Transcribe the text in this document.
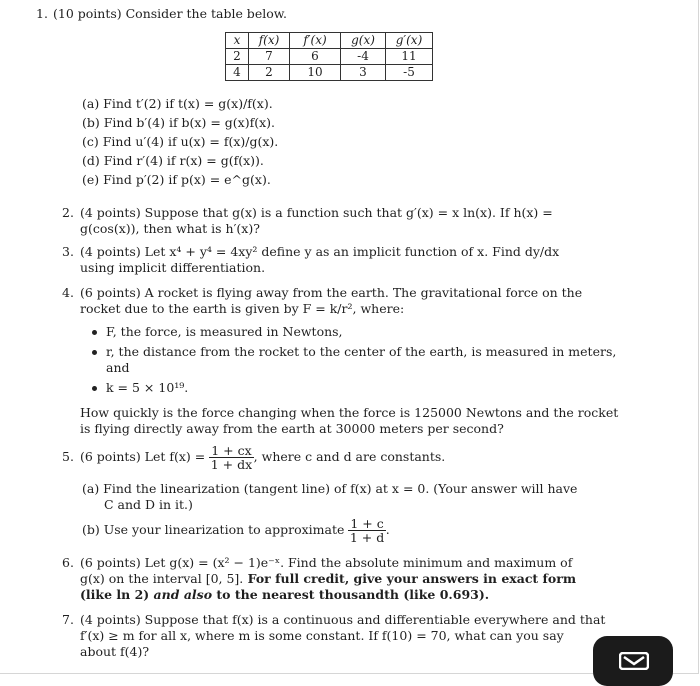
1. (10 points) Consider the table below.
x	f(x)	f′(x)	g(x)	g′(x)
2	7	6	-4	11
4	2	10	3	-5
(a) Find t′(2) if t(x) = g(x)/f(x).
(b) Find b′(4) if b(x) = g(x)f(x).
(c) Find u′(4) if u(x) = f(x)/g(x).
(d) Find r′(4) if r(x) = g(f(x)).
(e) Find p′(2) if p(x) = e^g(x).
2. (4 points) Suppose that g(x) is a function such that g′(x) = x ln(x). If h(x) =
g(cos(x)), then what is h′(x)?
3. (4 points) Let x⁴ + y⁴ = 4xy² define y as an implicit function of x. Find dy/dx
using implicit differentiation.
4. (6 points) A rocket is flying away from the earth. The gravitational force on the
rocket due to the earth is given by F = k/r², where:
F, the force, is measured in Newtons,
r, the distance from the rocket to the center of the earth, is measured in meters,
and
k = 5 × 10¹⁹.
How quickly is the force changing when the force is 125000 Newtons and the rocket
is flying directly away from the earth at 30000 meters per second?
5. (6 points) Let $f(x) = \frac{1 + cx}{1 + dx}$ , where c and d are constants.
(a) Find the linearization (tangent line) of f(x) at x = 0. (Your answer will have
C and D in it.)
(b) Use your linearization to approximate $\frac{1 + c}{1 + d}$ .
6. (6 points) Let g(x) = (x² − 1)e⁻ˣ. Find the absolute minimum and maximum of
g(x) on the interval [0, 5]. For full credit, give your answers in exact form
(like ln 2) and also to the nearest thousandth (like 0.693).
7. (4 points) Suppose that f(x) is a continuous and differentiable everywhere and that
f′(x) ≥ m for all x, where m is some constant. If f(10) = 70, what can you say
about f(4)?
